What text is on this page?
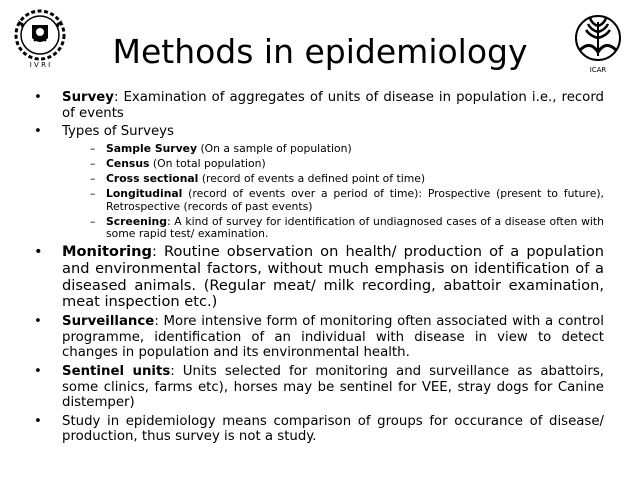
I V R I
ICAR
Methods in epidemiology
• Survey: Examination of aggregates of units of disease in population i.e., record of events
• Types of Surveys
– Sample Survey (On a sample of population)
– Census (On total population)
– Cross sectional (record of events a defined point of time)
– Longitudinal (record of events over a period of time): Prospective (present to future), Retrospective (records of past events)
– Screening: A kind of survey for identification of undiagnosed cases of a disease often with some rapid test/ examination.
• Monitoring: Routine observation on health/ production of a population and environmental factors, without much emphasis on identification of a diseased animals. (Regular meat/ milk recording, abattoir examination, meat inspection etc.)
• Surveillance: More intensive form of monitoring often associated with a control programme, identification of an individual with disease in view to detect changes in population and its environmental health.
• Sentinel units: Units selected for monitoring and surveillance as abattoirs, some clinics, farms etc), horses may be sentinel for VEE, stray dogs for Canine distemper)
• Study in epidemiology means comparison of groups for occurance of disease/ production, thus survey is not a study.
